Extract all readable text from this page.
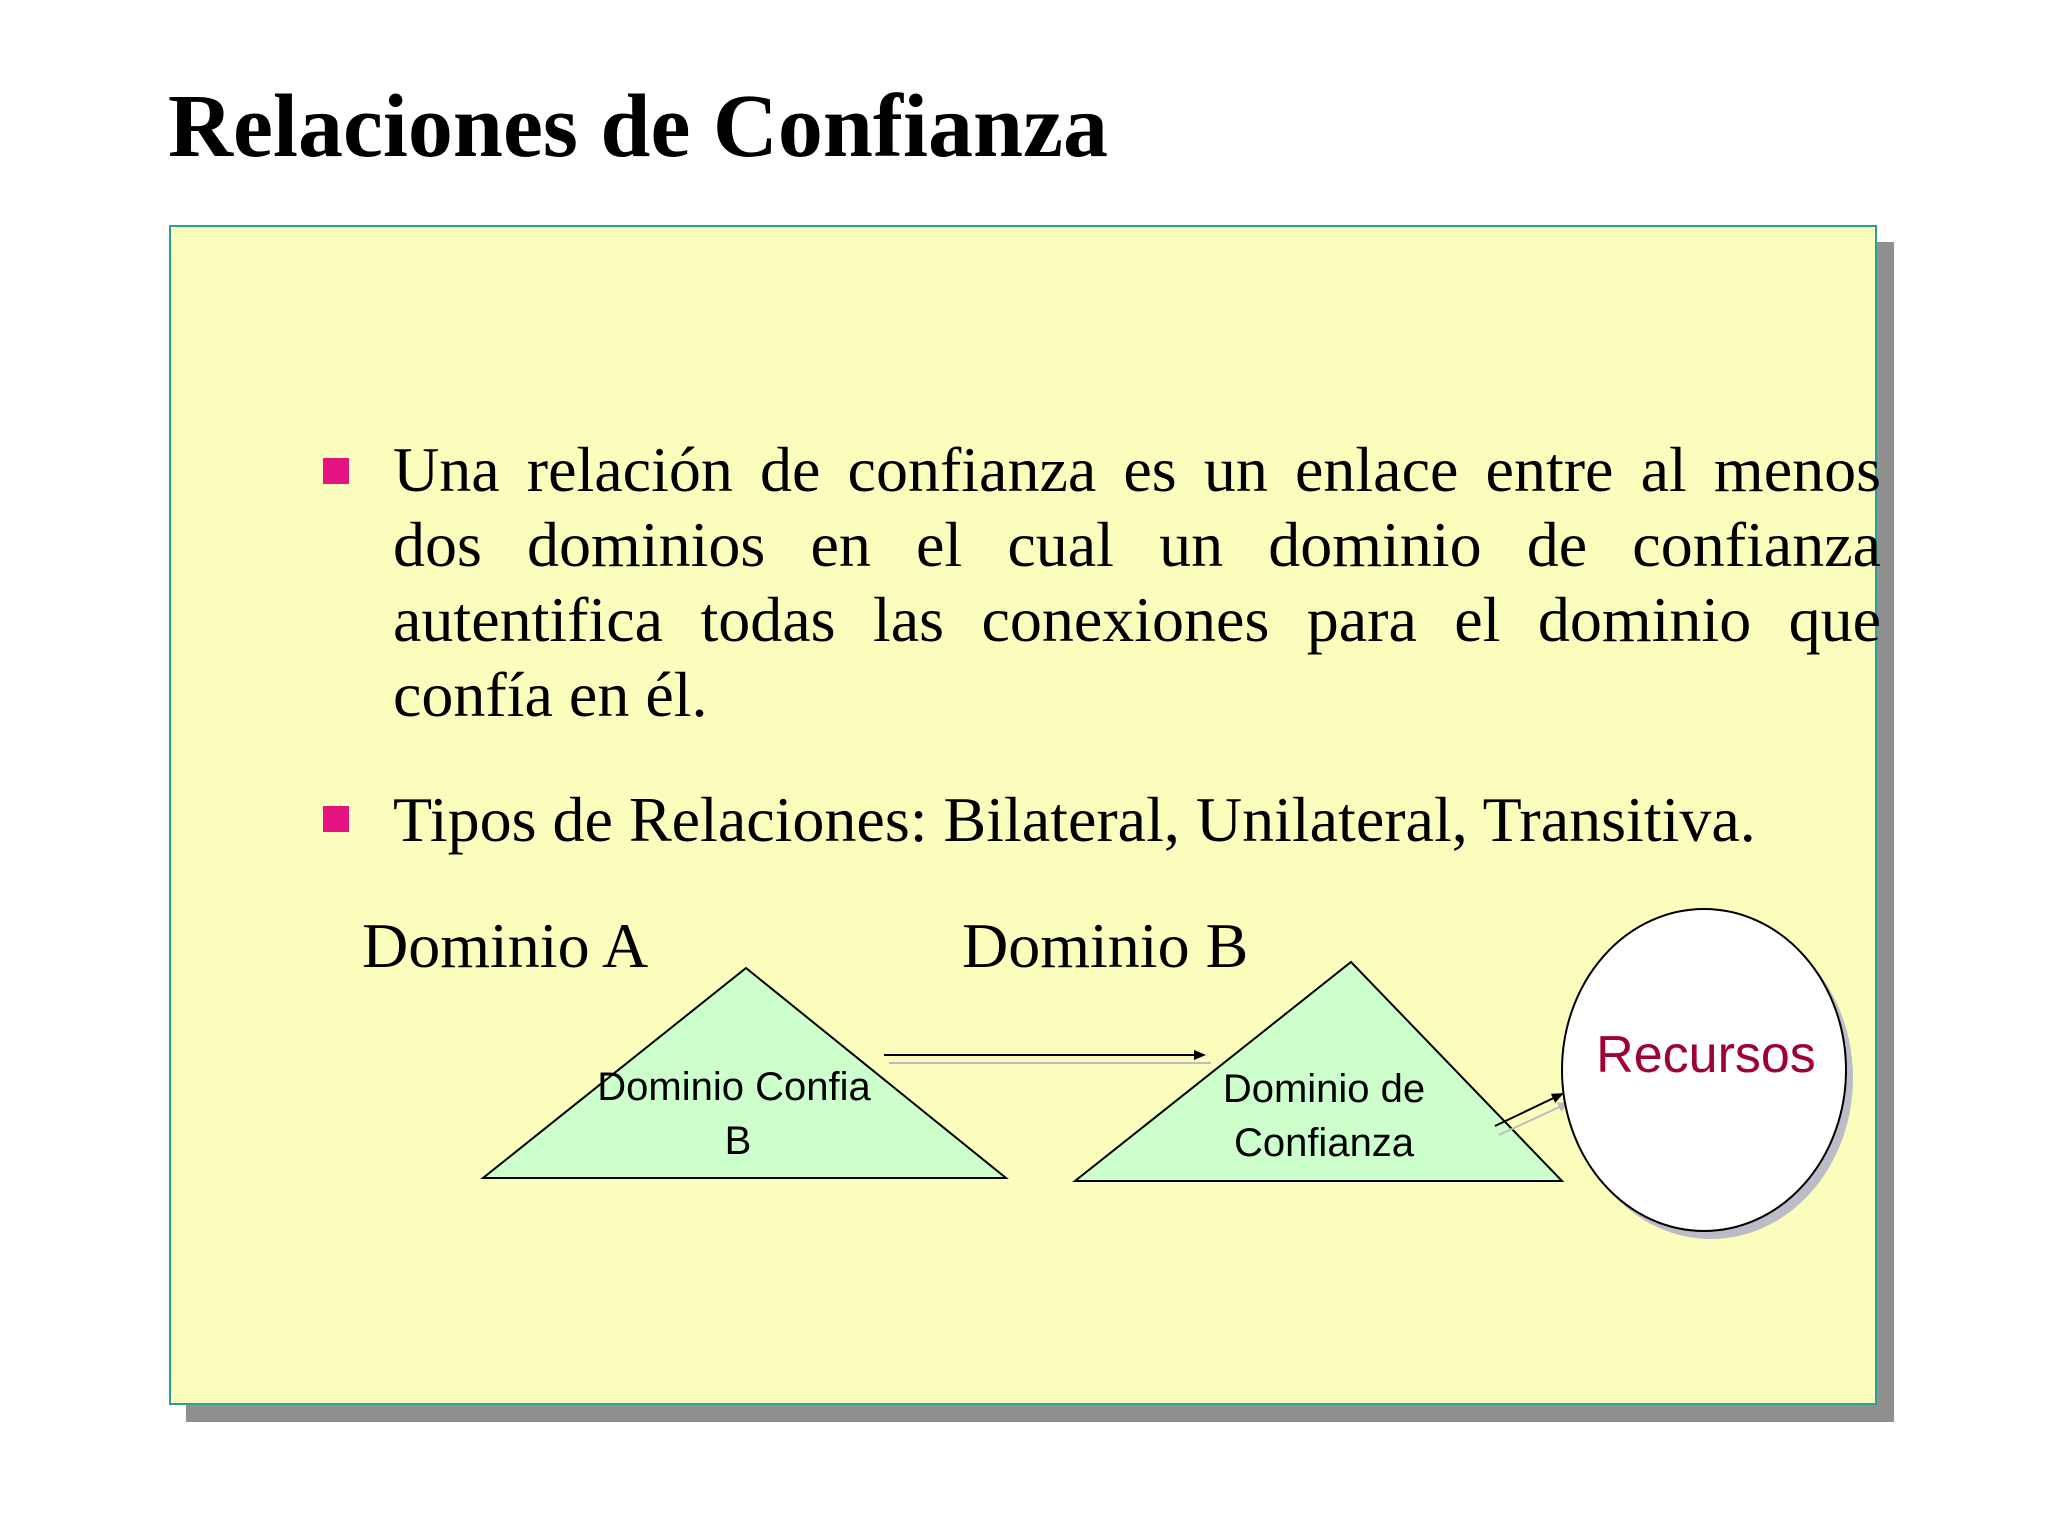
Relaciones de Confianza
Una relación de confianza es un enlace entre al menos dos dominios en el cual un dominio de confianza autentifica todas las conexiones para el dominio que confía en él.
Tipos de Relaciones: Bilateral, Unilateral, Transitiva.
Dominio A	Dominio B
Dominio Confia
B
Dominio de
Confianza
Recursos
